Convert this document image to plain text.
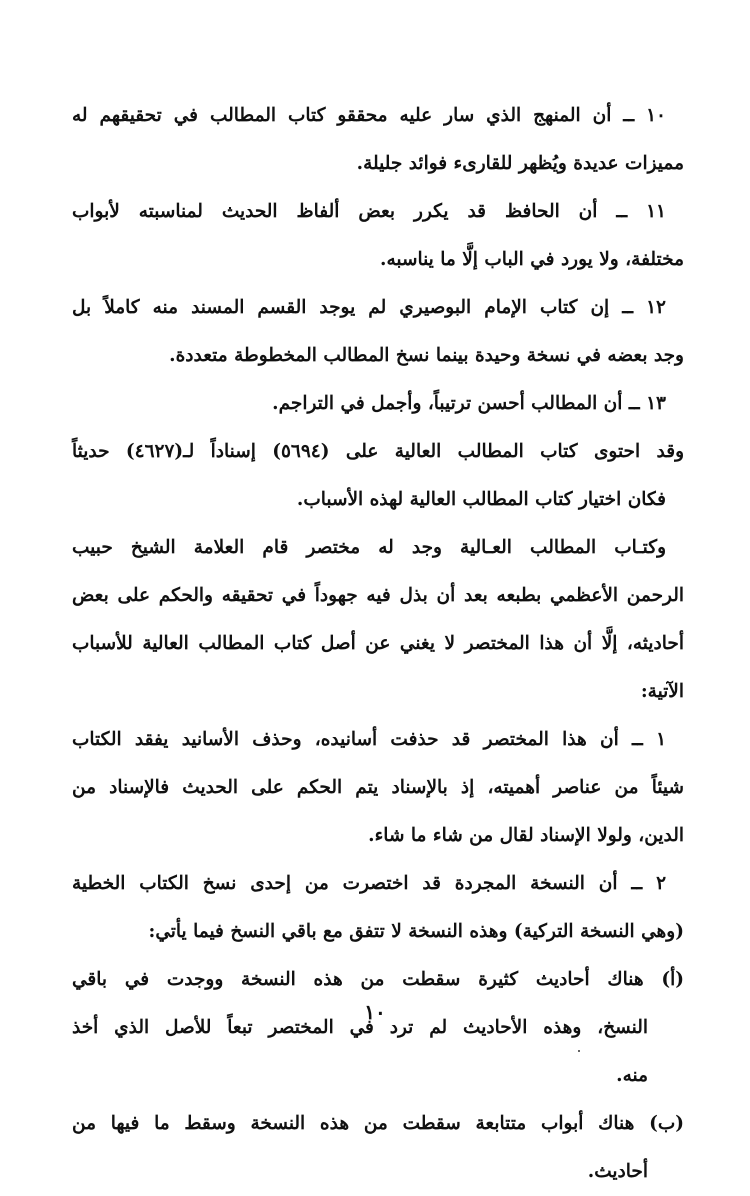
١٠ ــ أن المنهج الذي سار عليه محققو كتاب المطالب في تحقيقهم له
مميزات عديدة ويُظهر للقارىء فوائد جليلة.
١١ ــ أن الحافظ قد يكرر بعض ألفاظ الحديث لمناسبته لأبواب
مختلفة، ولا يورد في الباب إلَّا ما يناسبه.
١٢ ــ إن كتاب الإمام البوصيري لم يوجد القسم المسند منه كاملاً بل
وجد بعضه في نسخة وحيدة بينما نسخ المطالب المخطوطة متعددة.
١٣ ــ أن المطالب أحسن ترتيباً، وأجمل في التراجم.
وقد احتوى كتاب المطالب العالية على (٥٦٩٤) إسناداً لـ(٤٦٢٧) حديثاً
فكان اختيار كتاب المطالب العالية لهذه الأسباب.
وكتـاب المطالب العـالية وجد له مختصر قام العلامة الشيخ حبيب
الرحمن الأعظمي بطبعه بعد أن بذل فيه جهوداً في تحقيقه والحكم على بعض
أحاديثه، إلَّا أن هذا المختصر لا يغني عن أصل كتاب المطالب العالية للأسباب
الآتية:
١ ــ أن هذا المختصر قد حذفت أسانيده، وحذف الأسانيد يفقد الكتاب
شيئاً من عناصر أهميته، إذ بالإسناد يتم الحكم على الحديث فالإسناد من
الدين، ولولا الإسناد لقال من شاء ما شاء.
٢ ــ أن النسخة المجردة قد اختصرت من إحدى نسخ الكتاب الخطية
(وهي النسخة التركية) وهذه النسخة لا تتفق مع باقي النسخ فيما يأتي:
(أ) هناك أحاديث كثيرة سقطت من هذه النسخة ووجدت في باقي
النسخ، وهذه الأحاديث لم ترد في المختصر تبعاً للأصل الذي أخذ
منه.
(ب) هناك أبواب متتابعة سقطت من هذه النسخة وسقط ما فيها من
أحاديث.
١٠
